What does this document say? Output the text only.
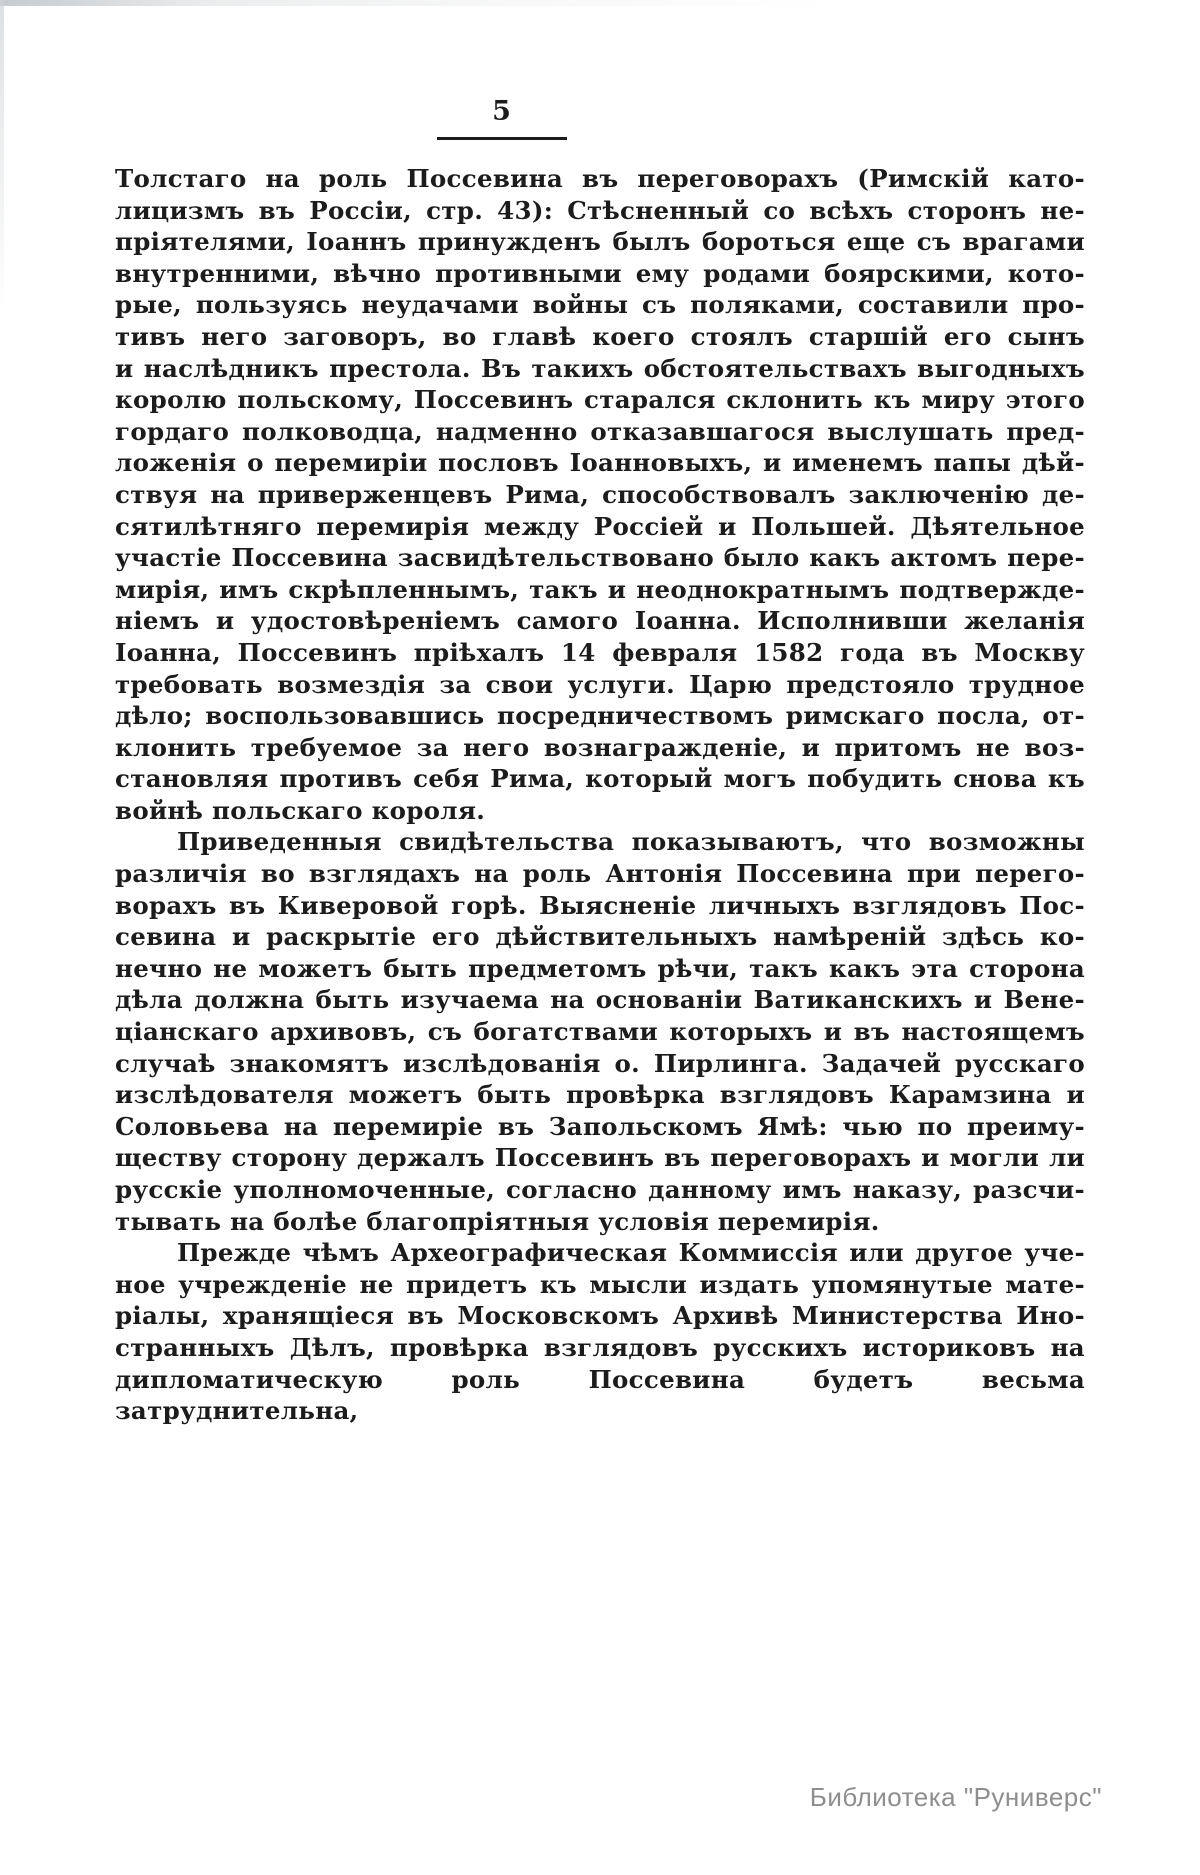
5
Толстаго на роль Поссевина въ переговорахъ (Римскій като-
лицизмъ въ Россіи, стр. 43): Стѣсненный со всѣхъ сторонъ не-
пріятелями, Іоаннъ принужденъ былъ бороться еще съ врагами
внутренними, вѣчно противными ему родами боярскими, кото-
рые, пользуясь неудачами войны съ поляками, составили про-
тивъ него заговоръ, во главѣ коего стоялъ старшій его сынъ
и наслѣдникъ престола. Въ такихъ обстоятельствахъ выгодныхъ
королю польскому, Поссевинъ старался склонить къ миру этого
гордаго полководца, надменно отказавшагося выслушать пред-
ложенія о перемиріи пословъ Іоанновыхъ, и именемъ папы дѣй-
ствуя на приверженцевъ Рима, способствовалъ заключенію де-
сятилѣтняго перемирія между Россіей и Польшей. Дѣятельное
участіе Поссевина засвидѣтельствовано было какъ актомъ пере-
мирія, имъ скрѣпленнымъ, такъ и неоднократнымъ подтвержде-
ніемъ и удостовѣреніемъ самого Іоанна. Исполнивши желанія
Іоанна, Поссевинъ пріѣхалъ 14 февраля 1582 года въ Москву
требовать возмездія за свои услуги. Царю предстояло трудное
дѣло; воспользовавшись посредничествомъ римскаго посла, от-
клонить требуемое за него вознагражденіе, и притомъ не воз-
становляя противъ себя Рима, который могъ побудить снова къ
войнѣ польскаго короля.
Приведенныя свидѣтельства показываютъ, что возможны
различія во взглядахъ на роль Антонія Поссевина при перего-
ворахъ въ Киверовой горѣ. Выясненіе личныхъ взглядовъ Пос-
севина и раскрытіе его дѣйствительныхъ намѣреній здѣсь ко-
нечно не можетъ быть предметомъ рѣчи, такъ какъ эта сторона
дѣла должна быть изучаема на основаніи Ватиканскихъ и Вене-
ціанскаго архивовъ, съ богатствами которыхъ и въ настоящемъ
случаѣ знакомятъ изслѣдованія о. Пирлинга. Задачей русскаго
изслѣдователя можетъ быть провѣрка взглядовъ Карамзина и
Соловьева на перемиріе въ Запольскомъ Ямѣ: чью по преиму-
ществу сторону держалъ Поссевинъ въ переговорахъ и могли ли
русскіе уполномоченные, согласно данному имъ наказу, разсчи-
тывать на болѣе благопріятныя условія перемирія.
Прежде чѣмъ Археографическая Коммиссія или другое уче-
ное учрежденіе не придетъ къ мысли издать упомянутые мате-
ріалы, хранящіеся въ Московскомъ Архивѣ Министерства Ино-
странныхъ Дѣлъ, провѣрка взглядовъ русскихъ историковъ на
дипломатическую роль Поссевина будетъ весьма затруднительна,
Библиотека "Руниверс"
